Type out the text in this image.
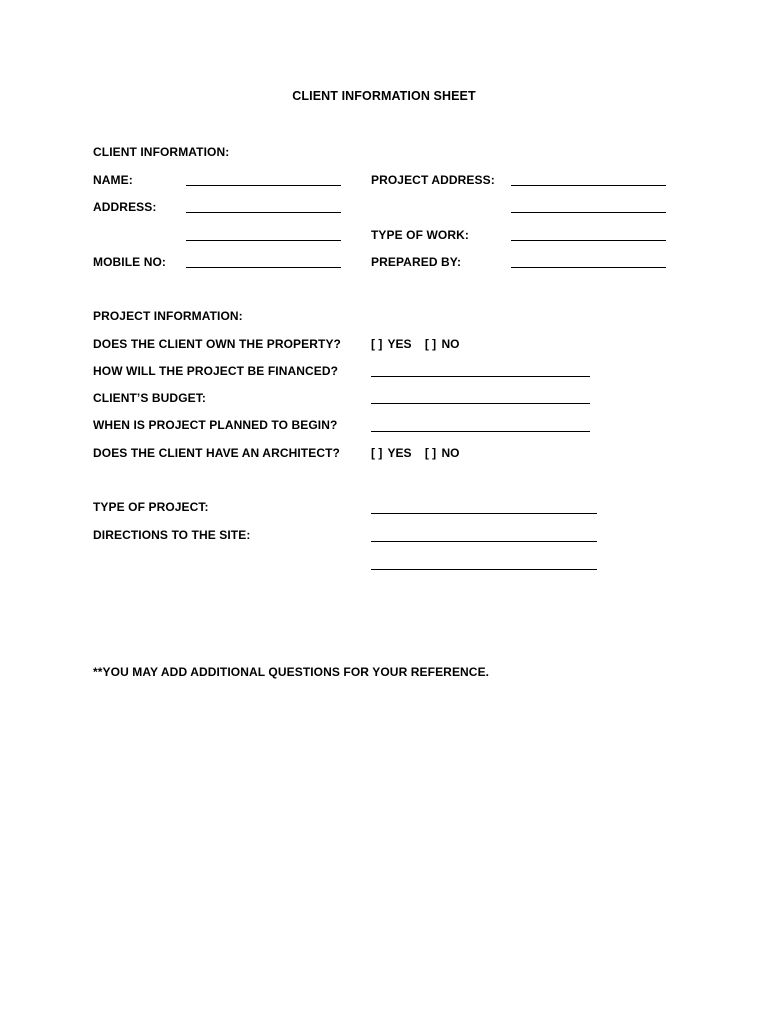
CLIENT INFORMATION SHEET
CLIENT INFORMATION:
NAME:	PROJECT ADDRESS:
ADDRESS:
TYPE OF WORK:
MOBILE NO:	PREPARED BY:
PROJECT INFORMATION:
DOES THE CLIENT OWN THE PROPERTY?	[ ] YES [ ] NO
HOW WILL THE PROJECT BE FINANCED?
CLIENT’S BUDGET:
WHEN IS PROJECT PLANNED TO BEGIN?
DOES THE CLIENT HAVE AN ARCHITECT?	[ ] YES [ ] NO
TYPE OF PROJECT:
DIRECTIONS TO THE SITE:
**YOU MAY ADD ADDITIONAL QUESTIONS FOR YOUR REFERENCE.
